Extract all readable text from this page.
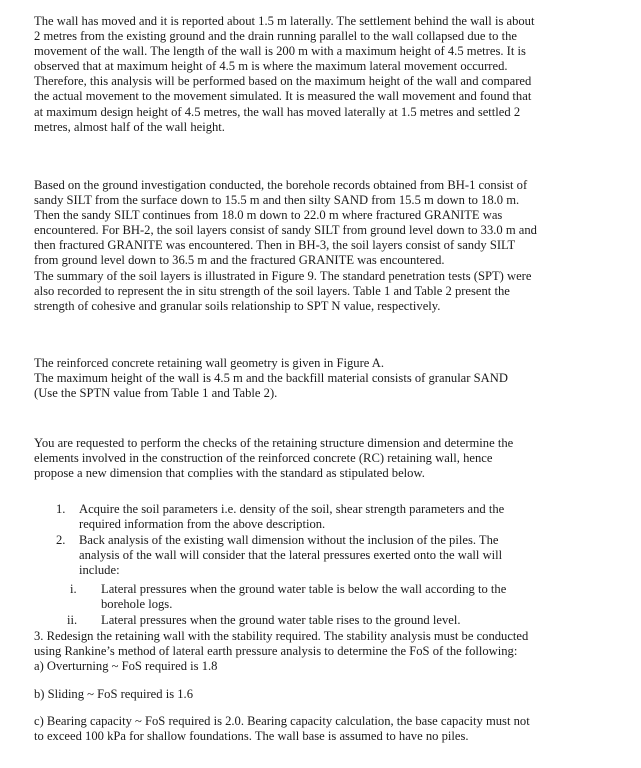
The wall has moved and it is reported about 1.5 m laterally. The settlement behind the wall is about
2 metres from the existing ground and the drain running parallel to the wall collapsed due to the
movement of the wall. The length of the wall is 200 m with a maximum height of 4.5 metres. It is
observed that at maximum height of 4.5 m is where the maximum lateral movement occurred.
Therefore, this analysis will be performed based on the maximum height of the wall and compared
the actual movement to the movement simulated. It is measured the wall movement and found that
at maximum design height of 4.5 metres, the wall has moved laterally at 1.5 metres and settled 2
metres, almost half of the wall height.
Based on the ground investigation conducted, the borehole records obtained from BH-1 consist of
sandy SILT from the surface down to 15.5 m and then silty SAND from 15.5 m down to 18.0 m.
Then the sandy SILT continues from 18.0 m down to 22.0 m where fractured GRANITE was
encountered. For BH-2, the soil layers consist of sandy SILT from ground level down to 33.0 m and
then fractured GRANITE was encountered. Then in BH-3, the soil layers consist of sandy SILT
from ground level down to 36.5 m and the fractured GRANITE was encountered.
The summary of the soil layers is illustrated in Figure 9. The standard penetration tests (SPT) were
also recorded to represent the in situ strength of the soil layers. Table 1 and Table 2 present the
strength of cohesive and granular soils relationship to SPT N value, respectively.
The reinforced concrete retaining wall geometry is given in Figure A.
The maximum height of the wall is 4.5 m and the backfill material consists of granular SAND
(Use the SPTN value from Table 1 and Table 2).
You are requested to perform the checks of the retaining structure dimension and determine the
elements involved in the construction of the reinforced concrete (RC) retaining wall, hence
propose a new dimension that complies with the standard as stipulated below.
1. Acquire the soil parameters i.e. density of the soil, shear strength parameters and the
required information from the above description.
2. Back analysis of the existing wall dimension without the inclusion of the piles. The
analysis of the wall will consider that the lateral pressures exerted onto the wall will
include:
i. Lateral pressures when the ground water table is below the wall according to the
borehole logs.
ii. Lateral pressures when the ground water table rises to the ground level.
3. Redesign the retaining wall with the stability required. The stability analysis must be conducted
using Rankine’s method of lateral earth pressure analysis to determine the FoS of the following:
a) Overturning ~ FoS required is 1.8
b) Sliding ~ FoS required is 1.6
c) Bearing capacity ~ FoS required is 2.0. Bearing capacity calculation, the base capacity must not
to exceed 100 kPa for shallow foundations. The wall base is assumed to have no piles.
